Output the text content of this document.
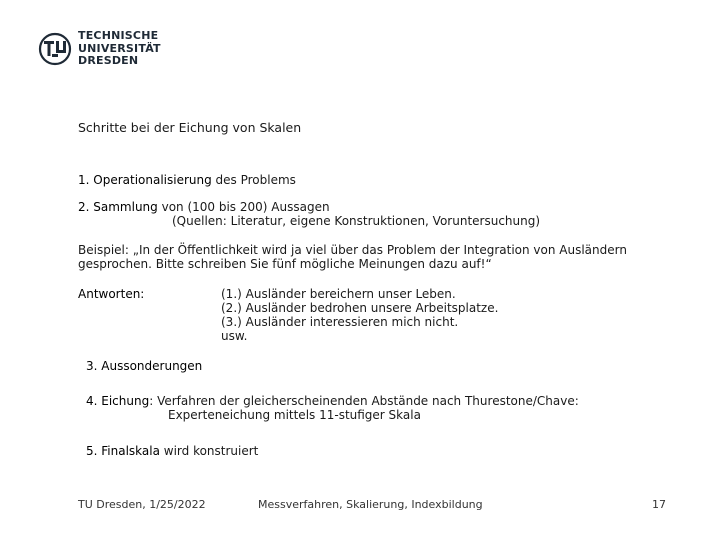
TECHNISCHE
UNIVERSITÄT
DRESDEN
Schritte bei der Eichung von Skalen
1. Operationalisierung des Problems
2. Sammlung von (100 bis 200) Aussagen
(Quellen: Literatur, eigene Konstruktionen, Voruntersuchung)
Beispiel: „In der Öffentlichkeit wird ja viel über das Problem der Integration von Ausländern
gesprochen. Bitte schreiben Sie fünf mögliche Meinungen dazu auf!“
Antworten:	(1.) Ausländer bereichern unser Leben.
(2.) Ausländer bedrohen unsere Arbeitsplatze.
(3.) Ausländer interessieren mich nicht.
usw.
3. Aussonderungen
4. Eichung: Verfahren der gleicherscheinenden Abstände nach Thurestone/Chave:
Experteneichung mittels 11-stufiger Skala
5. Finalskala wird konstruiert
TU Dresden, 1/25/2022	Messverfahren, Skalierung, Indexbildung	17
